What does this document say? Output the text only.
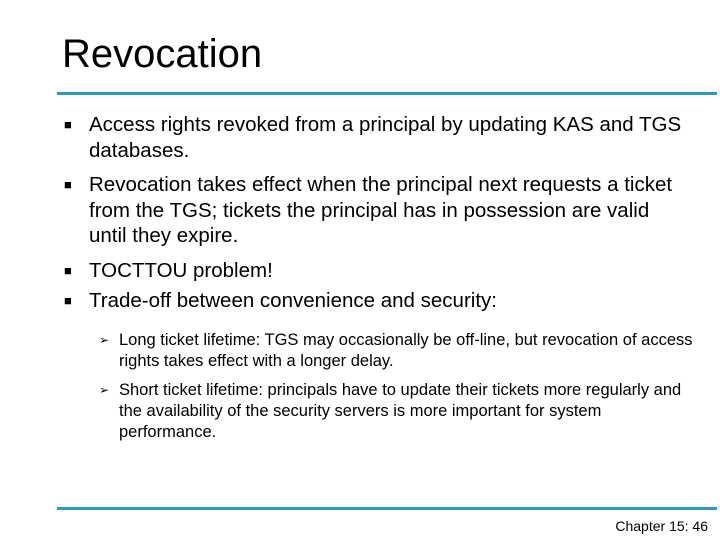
Revocation
■ Access rights revoked from a principal by updating KAS and TGS databases.
■ Revocation takes effect when the principal next requests a ticket from the TGS; tickets the principal has in possession are valid until they expire.
■ TOCTTOU problem!
■ Trade-off between convenience and security:
➢ Long ticket lifetime: TGS may occasionally be off-line, but revocation of access rights takes effect with a longer delay.
➢ Short ticket lifetime: principals have to update their tickets more regularly and the availability of the security servers is more important for system performance.
Chapter 15: 46
